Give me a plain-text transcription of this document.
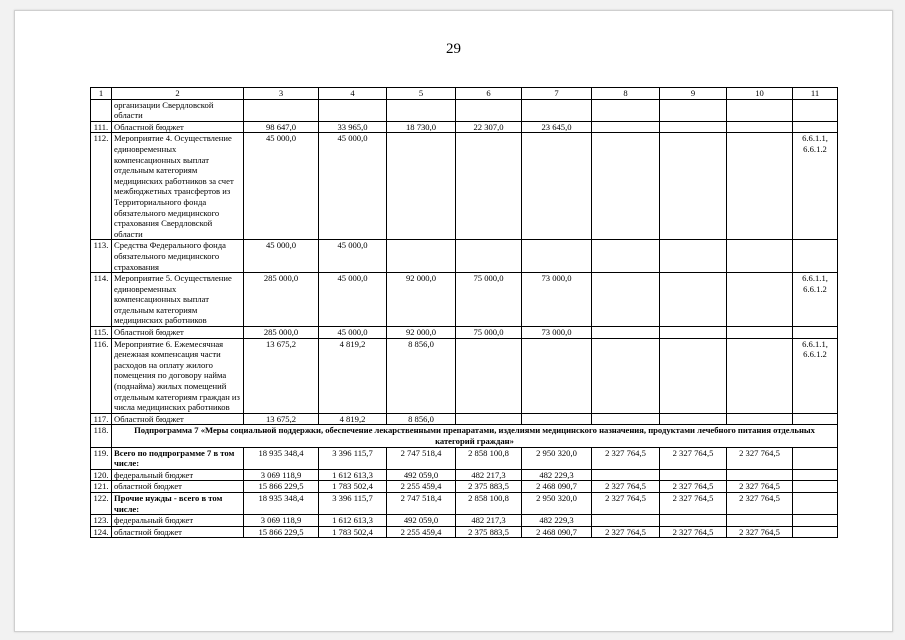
29
1	2	3	4	5	6	7	8	9	10	11
	организации Свердловской области									
111.	Областной бюджет	98 647,0	33 965,0	18 730,0	22 307,0	23 645,0				
112.	Мероприятие 4. Осуществление единовременных компенсационных выплат отдельным категориям медицинских работников за счет межбюджетных трансфертов из Территориального фонда обязательного медицинского страхования Свердловской области	45 000,0	45 000,0							6.6.1.1, 6.6.1.2
113.	Средства Федерального фонда обязательного медицинского страхования	45 000,0	45 000,0							
114.	Мероприятие 5. Осуществление единовременных компенсационных выплат отдельным категориям медицинских работников	285 000,0	45 000,0	92 000,0	75 000,0	73 000,0				6.6.1.1, 6.6.1.2
115.	Областной бюджет	285 000,0	45 000,0	92 000,0	75 000,0	73 000,0				
116.	Мероприятие 6. Ежемесячная денежная компенсация части расходов на оплату жилого помещения по договору найма (поднайма) жилых помещений отдельным категориям граждан из числа медицинских работников	13 675,2	4 819,2	8 856,0						6.6.1.1, 6.6.1.2
117.	Областной бюджет	13 675,2	4 819,2	8 856,0						
118.	Подпрограмма 7 «Меры социальной поддержки, обеспечение лекарственными препаратами, изделиями медицинского назначения, продуктами лечебного питания отдельных категорий граждан»									
119.	Всего по подпрограмме 7 в том числе:	18 935 348,4	3 396 115,7	2 747 518,4	2 858 100,8	2 950 320,0	2 327 764,5	2 327 764,5	2 327 764,5	
120.	федеральный бюджет	3 069 118,9	1 612 613,3	492 059,0	482 217,3	482 229,3				
121.	областной бюджет	15 866 229,5	1 783 502,4	2 255 459,4	2 375 883,5	2 468 090,7	2 327 764,5	2 327 764,5	2 327 764,5	
122.	Прочие нужды - всего в том числе:	18 935 348,4	3 396 115,7	2 747 518,4	2 858 100,8	2 950 320,0	2 327 764,5	2 327 764,5	2 327 764,5	
123.	федеральный бюджет	3 069 118,9	1 612 613,3	492 059,0	482 217,3	482 229,3				
124.	областной бюджет	15 866 229,5	1 783 502,4	2 255 459,4	2 375 883,5	2 468 090,7	2 327 764,5	2 327 764,5	2 327 764,5	
